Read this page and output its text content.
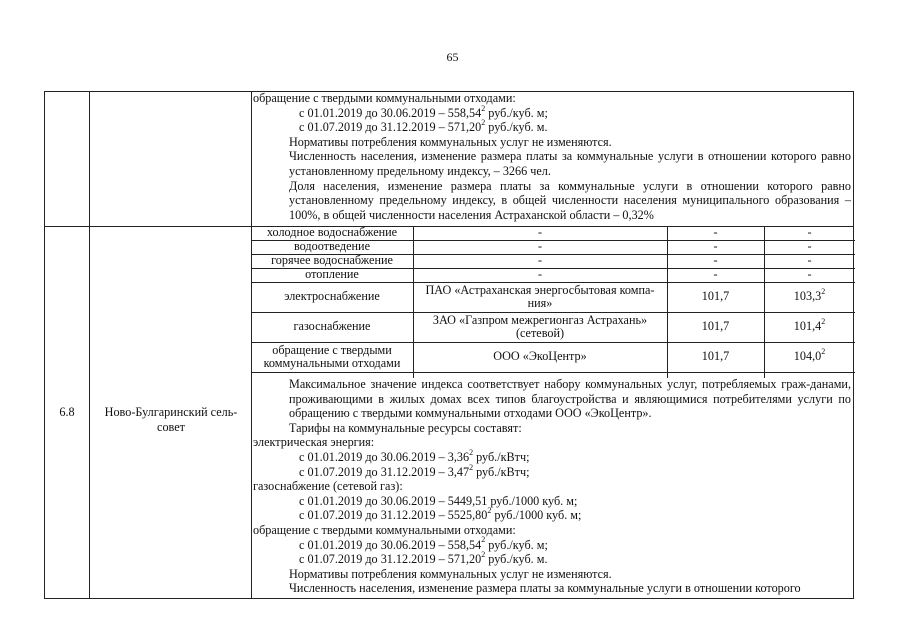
65

обращение с твердыми коммунальными отходами:

с 01.01.2019 до 30.06.2019 – 558,54$^2$ руб./куб. м;

с 01.07.2019 до 31.12.2019 – 571,20$^2$ руб./куб. м.

Нормативы потребления коммунальных услуг не изменяются.

Численность населения, изменение размера платы за коммунальные услуги в отношении которого равно установленному предельному индексу, – 3266 чел.

Доля населения, изменение размера платы за коммунальные услуги в отношении которого равно установленному предельному индексу, в общей численности населения муниципального образования – 100%, в общей численности населения Астраханской области – 0,32%

6.8	Ново-Булгаринский сель-совет
холодное водоснабжение	-	-	-
водоотведение	-	-	-
горячее водоснабжение	-	-	-
отопление	-	-	-
электроснабжение	ПАО «Астраханская энергосбытовая компа-ния»	101,7	103,3$^2$
газоснабжение	ЗАО «Газпром межрегионгаз Астрахань» (сетевой)	101,7	101,4$^2$
обращение с твердыми коммунальными отходами	ООО «ЭкоЦентр»	101,7	104,0$^2$

Максимальное значение индекса соответствует набору коммунальных услуг, потребляемых граж-данами, проживающими в жилых домах всех типов благоустройства и являющимися потребителями услуги по обращению с твердыми коммунальными отходами ООО «ЭкоЦентр».

Тарифы на коммунальные ресурсы составят:

электрическая энергия:

с 01.01.2019 до 30.06.2019 – 3,36$^2$ руб./кВтч;

с 01.07.2019 до 31.12.2019 – 3,47$^2$ руб./кВтч;

газоснабжение (сетевой газ):

с 01.01.2019 до 30.06.2019 – 5449,51 руб./1000 куб. м;

с 01.07.2019 до 31.12.2019 – 5525,80$^2$ руб./1000 куб. м;

обращение с твердыми коммунальными отходами:

с 01.01.2019 до 30.06.2019 – 558,54$^2$ руб./куб. м;

с 01.07.2019 до 31.12.2019 – 571,20$^2$ руб./куб. м.

Нормативы потребления коммунальных услуг не изменяются.

Численность населения, изменение размера платы за коммунальные услуги в отношении которого
